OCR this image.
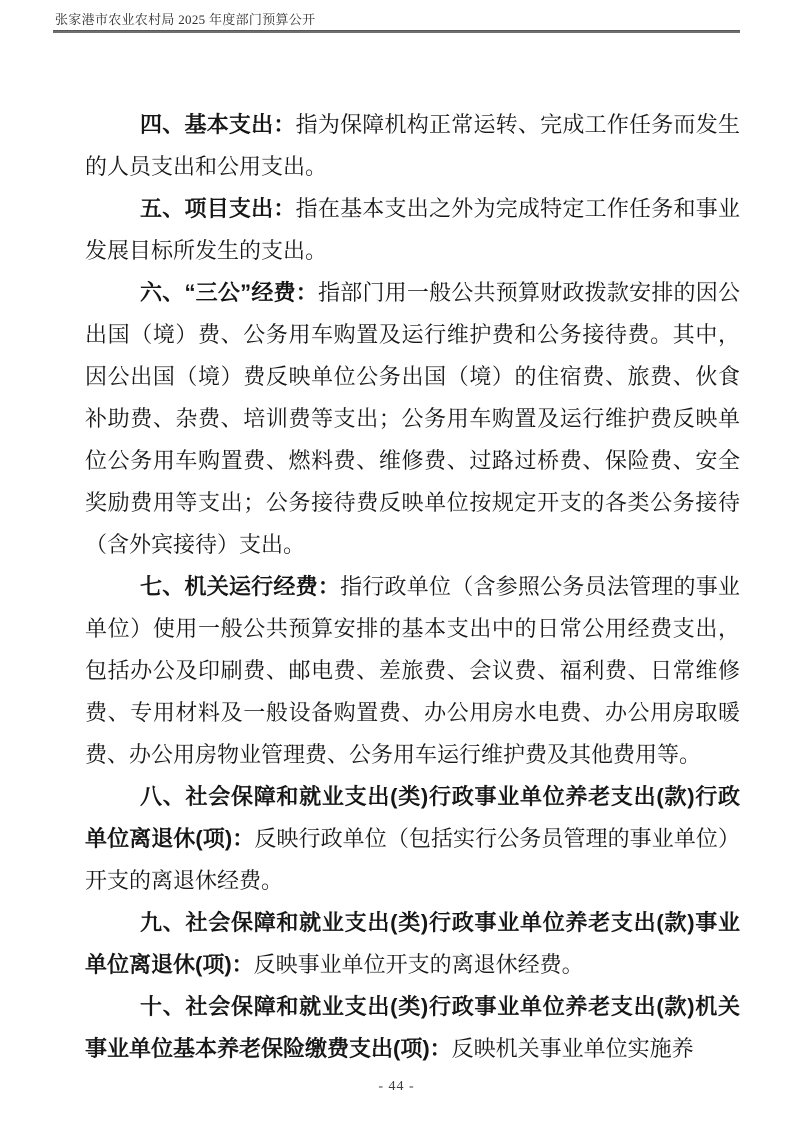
张家港市农业农村局 2025 年度部门预算公开

四、基本支出：指为保障机构正常运转、完成工作任务而发生的人员支出和公用支出。

五、项目支出：指在基本支出之外为完成特定工作任务和事业发展目标所发生的支出。

六、“三公”经费：指部门用一般公共预算财政拨款安排的因公出国（境）费、公务用车购置及运行维护费和公务接待费。其中，因公出国（境）费反映单位公务出国（境）的住宿费、旅费、伙食补助费、杂费、培训费等支出；公务用车购置及运行维护费反映单位公务用车购置费、燃料费、维修费、过路过桥费、保险费、安全奖励费用等支出；公务接待费反映单位按规定开支的各类公务接待（含外宾接待）支出。

七、机关运行经费：指行政单位（含参照公务员法管理的事业单位）使用一般公共预算安排的基本支出中的日常公用经费支出，包括办公及印刷费、邮电费、差旅费、会议费、福利费、日常维修费、专用材料及一般设备购置费、办公用房水电费、办公用房取暖费、办公用房物业管理费、公务用车运行维护费及其他费用等。

八、社会保障和就业支出(类)行政事业单位养老支出(款)行政单位离退休(项)：反映行政单位（包括实行公务员管理的事业单位）开支的离退休经费。

九、社会保障和就业支出(类)行政事业单位养老支出(款)事业单位离退休(项)：反映事业单位开支的离退休经费。

十、社会保障和就业支出(类)行政事业单位养老支出(款)机关事业单位基本养老保险缴费支出(项)：反映机关事业单位实施养

- 44 -
